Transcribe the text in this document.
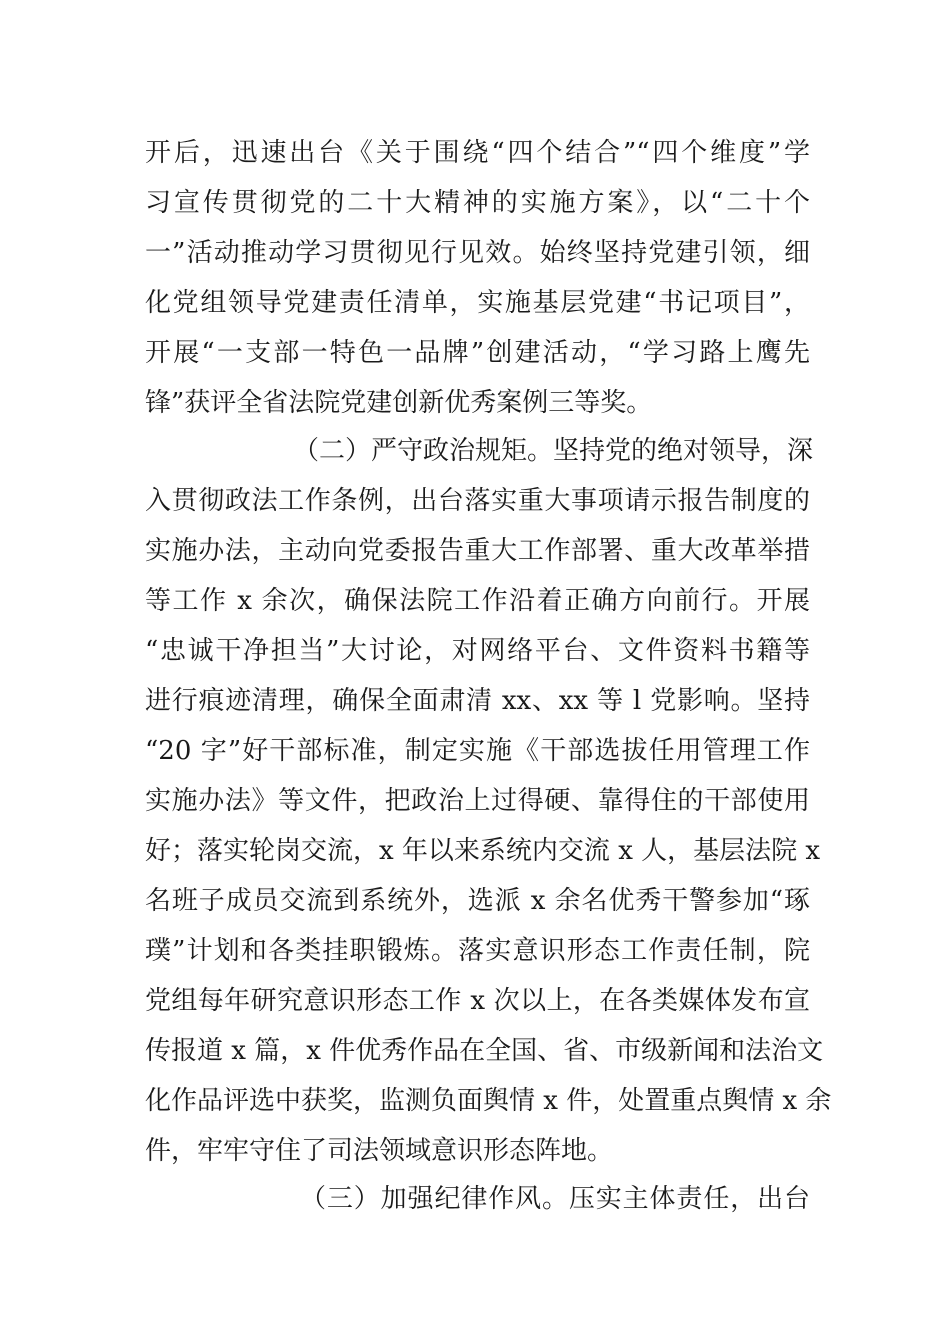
开后，迅速出台《关于围绕“四个结合”“四个维度”学
习宣传贯彻党的二十大精神的实施方案》，以“二十个
一”活动推动学习贯彻见行见效。始终坚持党建引领，细
化党组领导党建责任清单，实施基层党建“书记项目”，
开展“一支部一特色一品牌”创建活动，“学习路上鹰先
锋”获评全省法院党建创新优秀案例三等奖。
（二）严守政治规矩。坚持党的绝对领导，深
入贯彻政法工作条例，出台落实重大事项请示报告制度的
实施办法，主动向党委报告重大工作部署、重大改革举措
等工作 x 余次，确保法院工作沿着正确方向前行。开展
“忠诚干净担当”大讨论，对网络平台、文件资料书籍等
进行痕迹清理，确保全面肃清 xx、xx 等 l 党影响。坚持
“20 字”好干部标准，制定实施《干部选拔任用管理工作
实施办法》等文件，把政治上过得硬、靠得住的干部使用
好；落实轮岗交流，x 年以来系统内交流 x 人，基层法院 x
名班子成员交流到系统外，选派 x 余名优秀干警参加“琢
璞”计划和各类挂职锻炼。落实意识形态工作责任制，院
党组每年研究意识形态工作 x 次以上，在各类媒体发布宣
传报道 x 篇，x 件优秀作品在全国、省、市级新闻和法治文
化作品评选中获奖，监测负面舆情 x 件，处置重点舆情 x 余
件，牢牢守住了司法领域意识形态阵地。
（三）加强纪律作风。压实主体责任，出台
